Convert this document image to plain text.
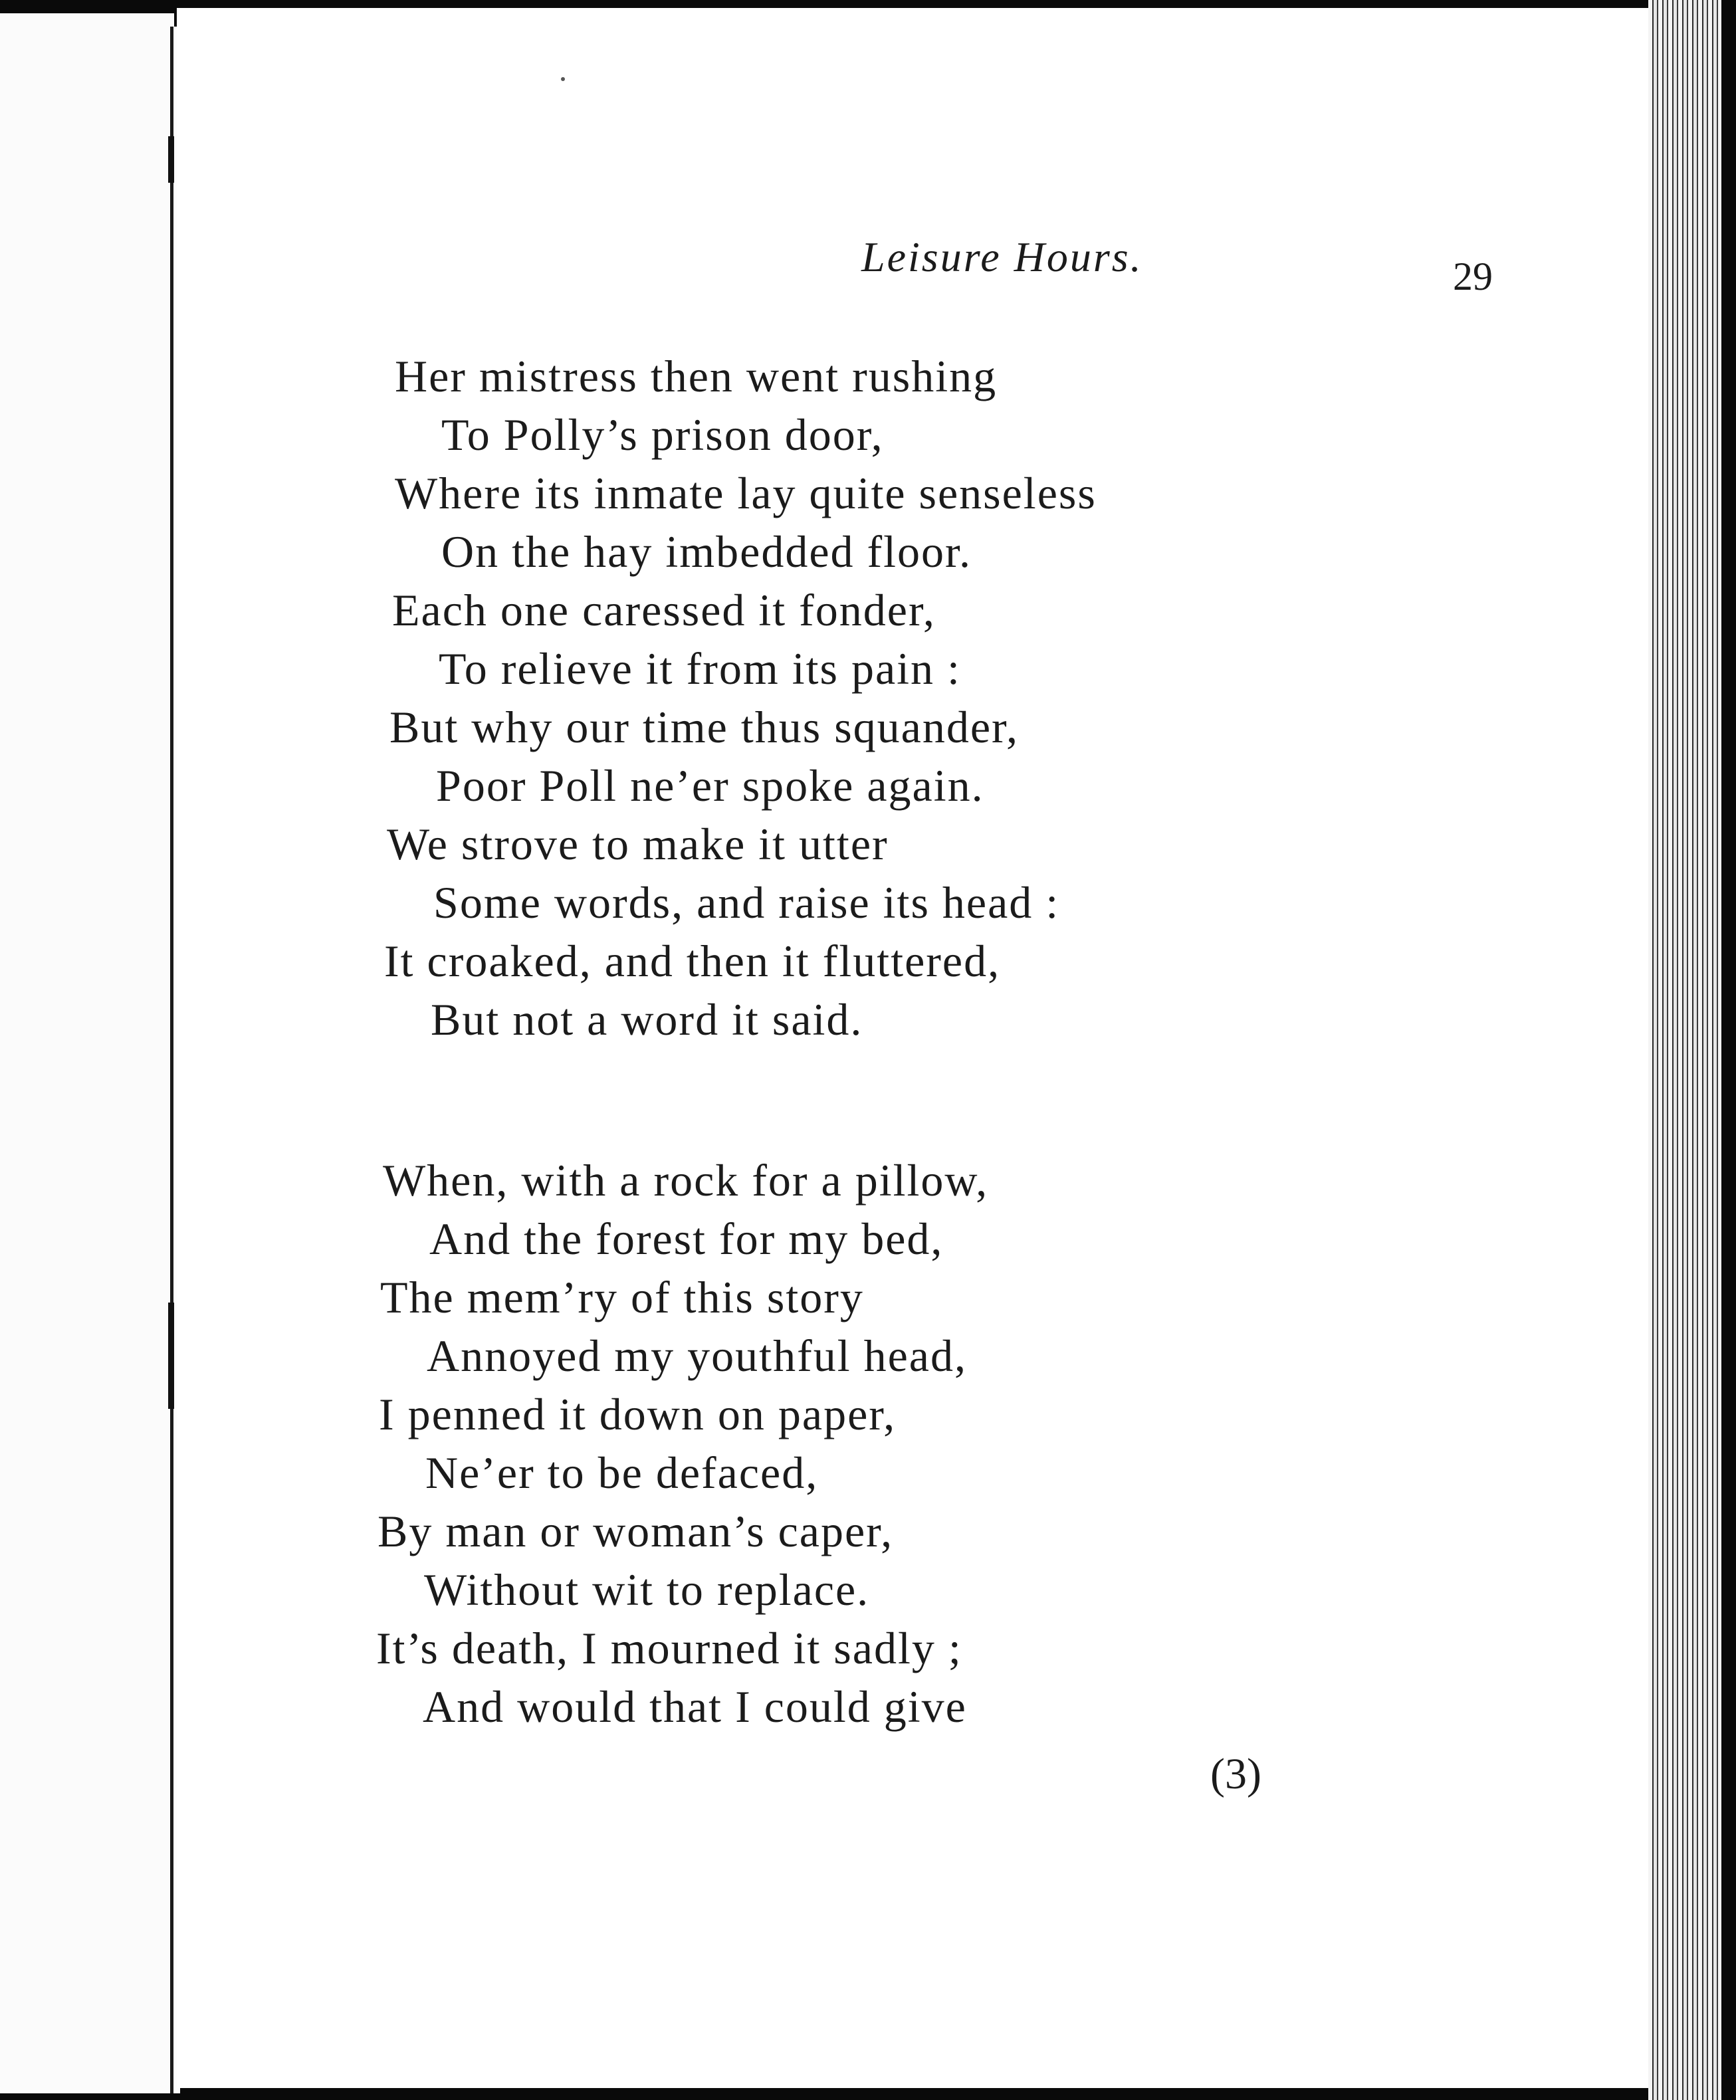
Leisure Hours.	29
Her mistress then went rushing
To Polly’s prison door,
Where its inmate lay quite senseless
On the hay imbedded floor.
Each one caressed it fonder,
To relieve it from its pain :
But why our time thus squander,
Poor Poll ne’er spoke again.
We strove to make it utter
Some words, and raise its head :
It croaked, and then it fluttered,
But not a word it said.
When, with a rock for a pillow,
And the forest for my bed,
The mem’ry of this story
Annoyed my youthful head,
I penned it down on paper,
Ne’er to be defaced,
By man or woman’s caper,
Without wit to replace.
It’s death, I mourned it sadly ;
And would that I could give
(3)
